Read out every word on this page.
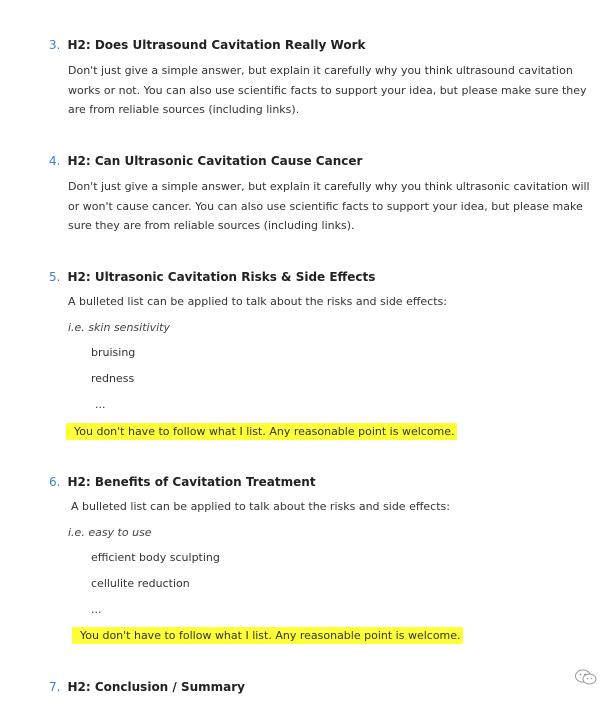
3. H2: Does Ultrasound Cavitation Really Work
Don't just give a simple answer, but explain it carefully why you think ultrasound cavitation works or not. You can also use scientific facts to support your idea, but please make sure they are from reliable sources (including links).
4. H2: Can Ultrasonic Cavitation Cause Cancer
Don't just give a simple answer, but explain it carefully why you think ultrasonic cavitation will or won't cause cancer. You can also use scientific facts to support your idea, but please make sure they are from reliable sources (including links).
5. H2: Ultrasonic Cavitation Risks & Side Effects
A bulleted list can be applied to talk about the risks and side effects:
i.e. skin sensitivity
bruising
redness
...
You don't have to follow what I list. Any reasonable point is welcome.
6. H2: Benefits of Cavitation Treatment
A bulleted list can be applied to talk about the risks and side effects:
i.e. easy to use
efficient body sculpting
cellulite reduction
...
You don't have to follow what I list. Any reasonable point is welcome.
7. H2: Conclusion / Summary
